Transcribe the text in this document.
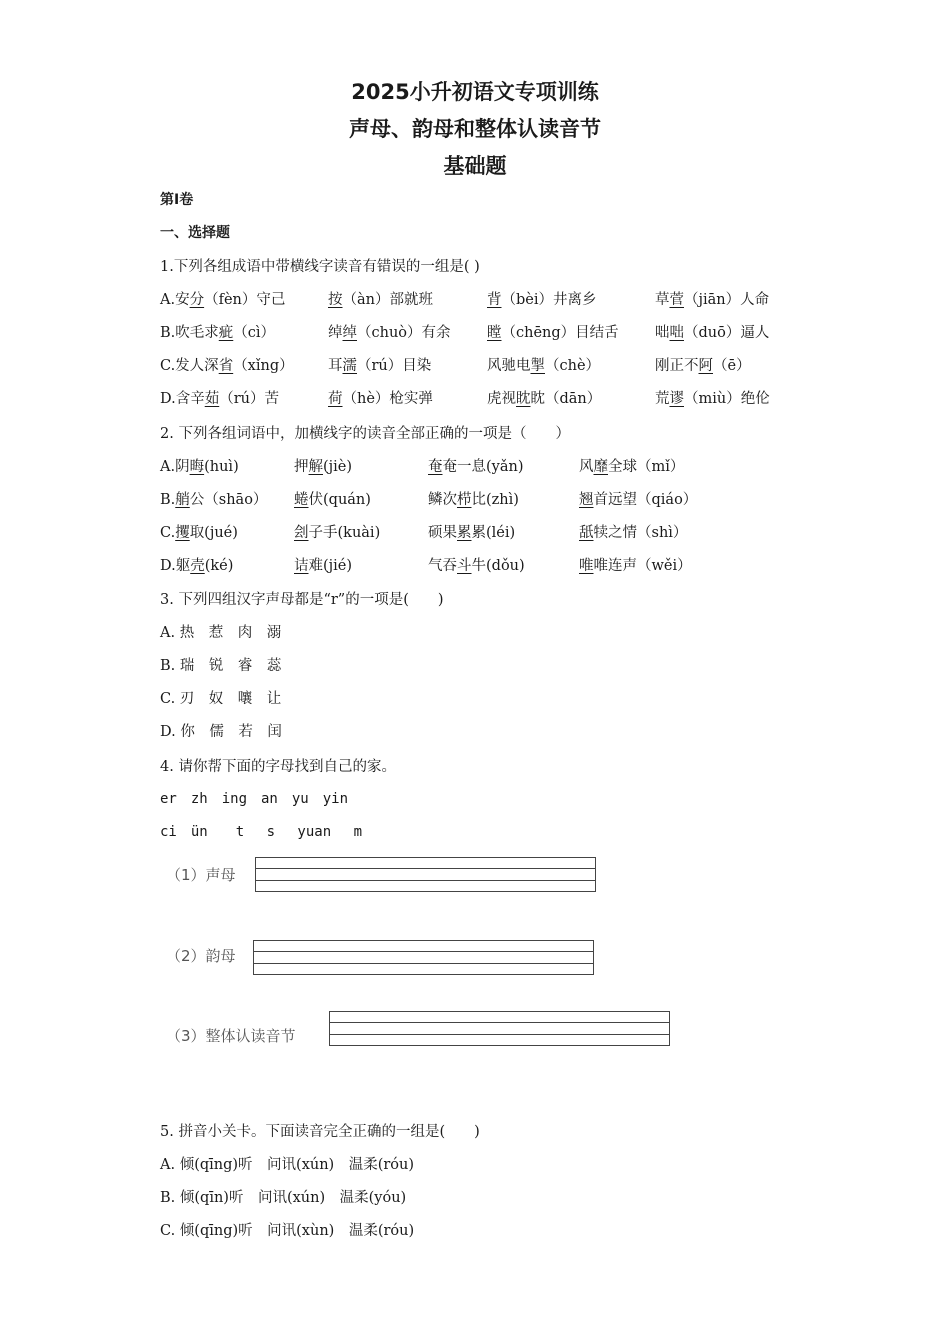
2025小升初语文专项训练
声母、韵母和整体认读音节
基础题
第Ⅰ卷
一、选择题
1.下列各组成语中带横线字读音有错误的一组是( )
A.安分（fèn）守己	按（àn）部就班	背（bèi）井离乡	草菅（jiān）人命
B.吹毛求疵（cì）	绰绰（chuò）有余	瞠（chēng）目结舌	咄咄（duō）逼人
C.发人深省（xǐng） 耳濡（rú）目染	风驰电掣（chè）	刚正不阿（ē）
D.含辛茹（rú）苦	荷（hè）枪实弹	虎视眈眈（dān）	荒谬（miù）绝伦
2. 下列各组词语中，加横线字的读音全部正确的一项是（　　）
A.阴晦(huì)	押解(jiè)	奄奄一息(yǎn)	风靡全球（mǐ）
B.艄公（shāo） 蜷伏(quán)	鳞次栉比(zhì)	翘首远望（qiáo）
C.攫取(jué)	刽子手(kuài)	硕果累累(léi)	舐犊之情（shì）
D.躯壳(ké)	诘难(jié)	气吞斗牛(dǒu)	唯唯连声（wěi）
3. 下列四组汉字声母都是“r”的一项是(　　)
A. 热　惹　肉　溺
B. 瑞　锐　睿　蕊
C. 刃　奴　嚷　让
D. 你　儒　若　闰
4. 请你帮下面的字母找到自己的家。
er　zh　ing　an　yu　yin
ci　ün　　t　 s　 yuan　 m
（1）声母
（2）韵母
（3）整体认读音节
5. 拼音小关卡。下面读音完全正确的一组是(　　)
A. 倾(qīng)听　问讯(xún)　温柔(róu)
B. 倾(qīn)听　问讯(xún)　温柔(yóu)
C. 倾(qīng)听　问讯(xùn)　温柔(róu)
